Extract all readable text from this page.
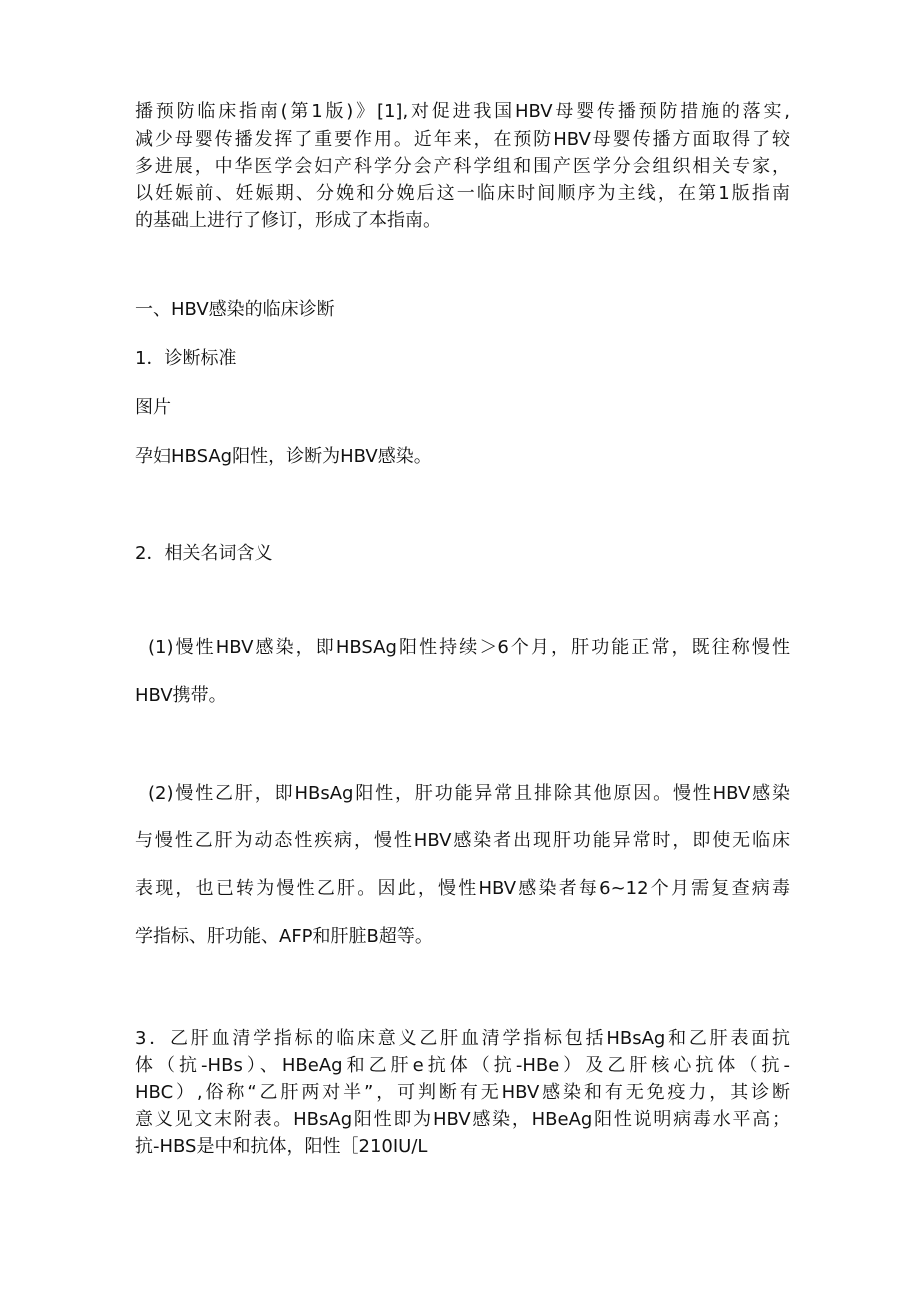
播预防临床指南(第1版)》[1],对促进我国HBV母婴传播预防措施的落实,
减少母婴传播发挥了重要作用。近年来，在预防HBV母婴传播方面取得了较
多进展，中华医学会妇产科学分会产科学组和围产医学分会组织相关专家，
以妊娠前、妊娠期、分娩和分娩后这一临床时间顺序为主线，在第1版指南
的基础上进行了修订，形成了本指南。
一、HBV感染的临床诊断
1．诊断标准
图片
孕妇HBSAg阳性，诊断为HBV感染。
2．相关名词含义
(1)慢性HBV感染，即HBSAg阳性持续＞6个月，肝功能正常，既往称慢性
HBV携带。
(2)慢性乙肝，即HBsAg阳性，肝功能异常且排除其他原因。慢性HBV感染
与慢性乙肝为动态性疾病，慢性HBV感染者出现肝功能异常时，即使无临床
表现，也已转为慢性乙肝。因此，慢性HBV感染者每6~12个月需复查病毒
学指标、肝功能、AFP和肝脏B超等。
3．乙肝血清学指标的临床意义乙肝血清学指标包括HBsAg和乙肝表面抗
体（抗-HBs）、HBeAg和乙肝e抗体（抗-HBe）及乙肝核心抗体（抗-
HBC）,俗称“乙肝两对半”，可判断有无HBV感染和有无免疫力，其诊断
意义见文末附表。HBsAg阳性即为HBV感染，HBeAg阳性说明病毒水平高；
抗-HBS是中和抗体，阳性［210IU/L
